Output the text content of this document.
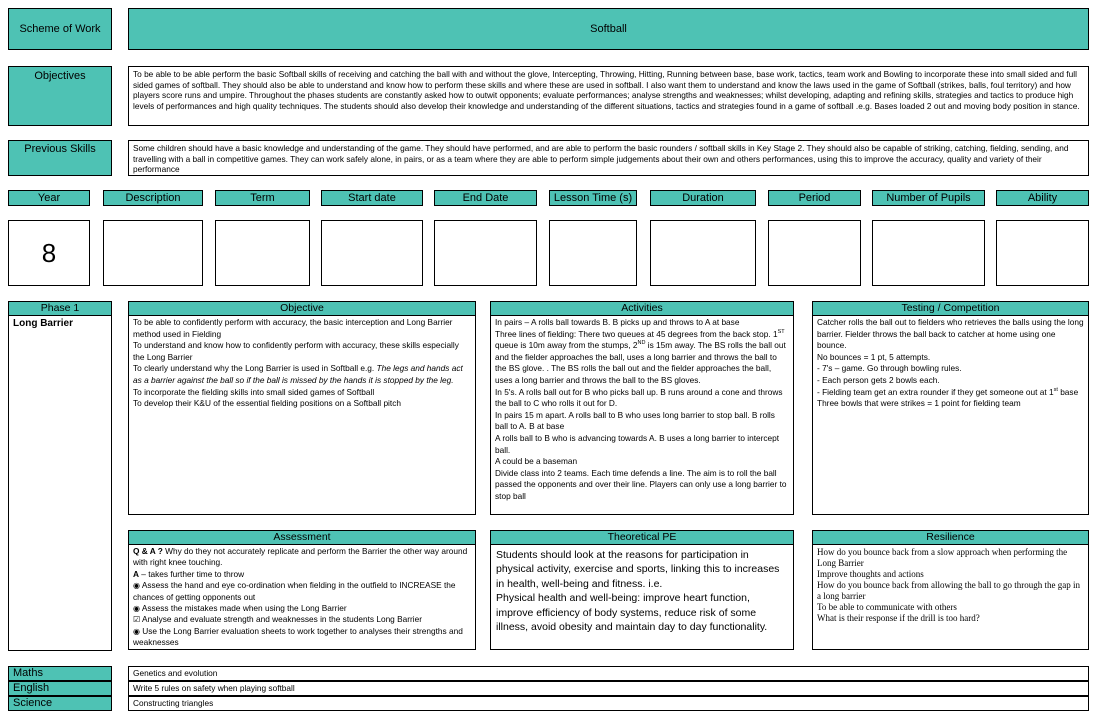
Scheme of Work	Softball
Objectives	To be able to be able perform the basic Softball skills of receiving and catching the ball with and without the glove, Intercepting, Throwing, Hitting, Running between base, base work, tactics, team work and Bowling to incorporate these into small sided and full sided games of softball. They should also be able to understand and know how to perform these skills and where these are used in softball. I also want them to understand and know the laws used in the game of Softball (strikes, balls, foul territory) and how players score runs and umpire. Throughout the phases students are constantly asked how to outwit opponents; evaluate performances; analyse strengths and weaknesses; whilst developing, adapting and refining skills, strategies and tactics to produce high levels of performances and high quality techniques. The students should also develop their knowledge and understanding of the different situations, tactics and strategies found in a game of softball .e.g. Bases loaded 2 out and moving body position in stance.
Previous Skills	Some children should have a basic knowledge and understanding of the game. They should have performed, and are able to perform the basic rounders / softball skills in Key Stage 2. They should also be capable of striking, catching, fielding, sending, and travelling with a ball in competitive games. They can work safely alone, in pairs, or as a team where they are able to perform simple judgements about their own and others performances, using this to improve the accuracy, quality and variety of their performance
Year	Description	Term	Start date	End Date	Lesson Time (s)	Duration	Period	Number of Pupils	Ability
8
Phase 1
Long Barrier
Objective

To be able to confidently perform with accuracy, the basic interception and Long Barrier method used in Fielding

To understand and know how to confidently perform with accuracy, these skills especially the Long Barrier

To clearly understand why the Long Barrier is used in Softball e.g. The legs and hands act as a barrier against the ball so if the ball is missed by the hands it is stopped by the leg.

To incorporate the fielding skills into small sided games of Softball

To develop their K&U of the essential fielding positions on a Softball pitch

Activities

In pairs – A rolls ball towards B. B picks up and throws to A at base

Three lines of fielding: There two queues at 45 degrees from the back stop. 1ST queue is 10m away from the stumps, 2ND is 15m away. The BS rolls the ball out and the fielder approaches the ball, uses a long barrier and throws the ball to the BS glove. . The BS rolls the ball out and the fielder approaches the ball, uses a long barrier and throws the ball to the BS gloves.

In 5's. A rolls ball out for B who picks ball up. B runs around a cone and throws the ball to C who rolls it out for D.

In pairs 15 m apart. A rolls ball to B who uses long barrier to stop ball. B rolls ball to A. B at base

A rolls ball to B who is advancing towards A. B uses a long barrier to intercept ball.

A could be a baseman

Divide class into 2 teams. Each time defends a line. The aim is to roll the ball passed the opponents and over their line. Players can only use a long barrier to stop ball

Testing / Competition

Catcher rolls the ball out to fielders who retrieves the balls using the long barrier. Fielder throws the ball back to catcher at home using one bounce.

No bounces = 1 pt, 5 attempts.

- 7's – game. Go through bowling rules.

- Each person gets 2 bowls each.

- Fielding team get an extra rounder if they get someone out at 1st base

Three bowls that were strikes = 1 point for fielding team

Assessment

Q & A ? Why do they not accurately replicate and perform the Barrier the other way around with right knee touching.

A – takes further time to throw

◉ Assess the hand and eye co-ordination when fielding in the outfield to INCREASE the chances of getting opponents out

◉ Assess the mistakes made when using the Long Barrier

☑ Analyse and evaluate strength and weaknesses in the students Long Barrier

◉ Use the Long Barrier evaluation sheets to work together to analyses their strengths and weaknesses

Theoretical PE

Students should look at the reasons for participation in physical activity, exercise and sports, linking this to increases in health, well-being and fitness. i.e.

Physical health and well-being: improve heart function, improve efficiency of body systems, reduce risk of some illness, avoid obesity and maintain day to day functionality.

Resilience

How do you bounce back from a slow approach when performing the Long Barrier

Improve thoughts and actions

How do you bounce back from allowing the ball to go through the gap in a long barrier

To be able to communicate with others

What is their response if the drill is too hard?

Maths	Genetics and evolution
English	Write 5 rules on safety when playing softball
Science	Constructing triangles
